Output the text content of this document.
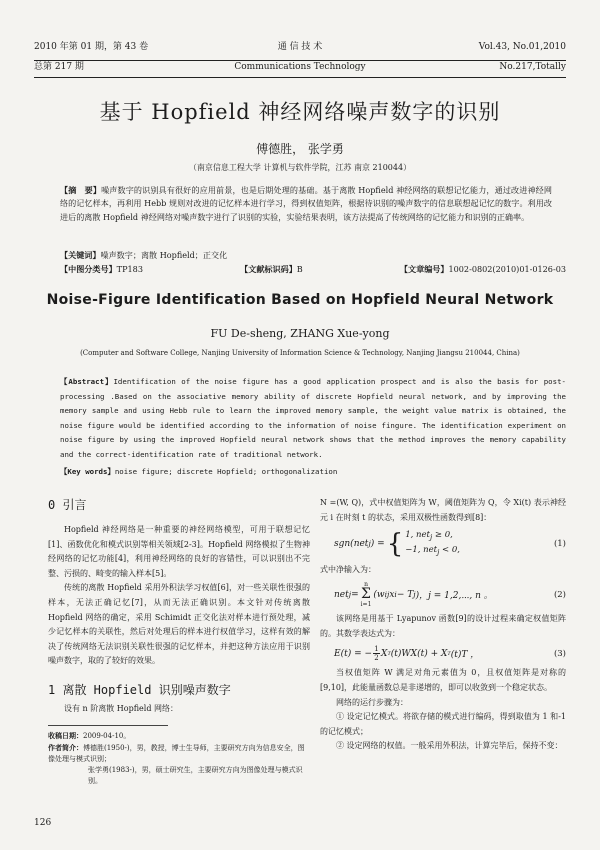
2010 年第 01 期，第 43 卷	通 信 技 术	Vol.43, No.01,2010
总第 217 期	Communications Technology	No.217,Totally
基于 Hopfield 神经网络噪声数字的识别
傅德胜， 张学勇
（南京信息工程大学 计算机与软件学院，江苏 南京 210044）
【摘　要】噪声数字的识别具有很好的应用前景，也是后期处理的基础。基于离散 Hopfield 神经网络的联想记忆能力，通过改进神经网络的记忆样本，再利用 Hebb 规则对改进的记忆样本进行学习，得到权值矩阵，根据待识别的噪声数字的信息联想起记忆的数字。利用改进后的离散 Hopfield 神经网络对噪声数字进行了识别的实验，实验结果表明，该方法提高了传统网络的记忆能力和识别的正确率。
【关键词】噪声数字；离散 Hopfield；正交化
【中图分类号】TP183	【文献标识码】B	【文章编号】1002-0802(2010)01-0126-03
Noise-Figure Identification Based on Hopfield Neural Network
FU De-sheng, ZHANG Xue-yong
(Computer and Software College, Nanjing University of Information Science & Technology, Nanjing Jiangsu 210044, China)
【Abstract】Identification of the noise figure has a good application prospect and is also the basis for post-processing .Based on the associative memory ability of discrete Hopfield neural network, and by improving the memory sample and using Hebb rule to learn the improved memory sample, the weight value matrix is obtained, the noise figure would be identified according to the information of noise fingure. The identification experiment on noise figure by using the improved Hopfield neural network shows that the method improves the memory capability and the correct-identification rate of traditional network.
【Key words】noise figure; discrete Hopfield; orthogonalization
0 引言

Hopfield 神经网络是一种重要的神经网络模型，可用于联想记忆[1]、函数优化和模式识别等相关领域[2-3]。Hopfield 网络模拟了生物神经网络的记忆功能[4]，利用神经网络的良好的容错性，可以识别出不完整、污损的、畸变的输入样本[5]。

传统的离散 Hopfield 采用外积法学习权值[6]，对一些关联性很强的样本，无法正确记忆[7]，从而无法正确识别。本文针对传统离散 Hopfield 网络的确定，采用 Schimidt 正交化法对样本进行预处理，减少记忆样本的关联性，然后对处理后的样本进行权值学习，这样有效的解决了传统网络无法识别关联性很强的记忆样本，并把这种方法应用于识别噪声数字，取的了较好的效果。

1 离散 Hopfield 识别噪声数字

设有 n 阶离散 Hopfield 网络：

收稿日期：2009-04-10。
作者简介：傅德胜(1950-)，男，教授，博士生导师，主要研究方向为信息安全，图像处理与模式识别；
张学勇(1983-)，男，硕士研究生，主要研究方向为图像处理与模式识别。

N =(W, Q)，式中权值矩阵为 W，阈值矩阵为 Q，令 Xi(t) 表示神经元 i 在时刻 t 的状态，采用双极性函数得到[8]：

sgn(net j ) = { 1, net$_j$ ≥ 0,
−1, net$_j$ < 0,
(1)

式中净输入为：

net j =
n
Σ
i=1
(w ij x i − T j )，j = 1,2,⋯, n 。	(2)

该网络是用基于 Lyapunov 函数[9]的设计过程来确定权值矩阵的。其数学表达式为：

E(t) = − $\frac{1}{2}$ X T (t)WX(t) + X T (t)T ，	(3)

当权值矩阵 W 满足对角元素值为 0，且权值矩阵是对称的[9,10]，此能量函数总是非递增的，即可以收敛到一个稳定状态。

网络的运行步骤为：

① 设定记忆模式。将欲存储的模式进行编码，得到取值为 1 和-1 的记忆模式；

② 设定网络的权值。一般采用外积法，计算完毕后，保持不变：

126
